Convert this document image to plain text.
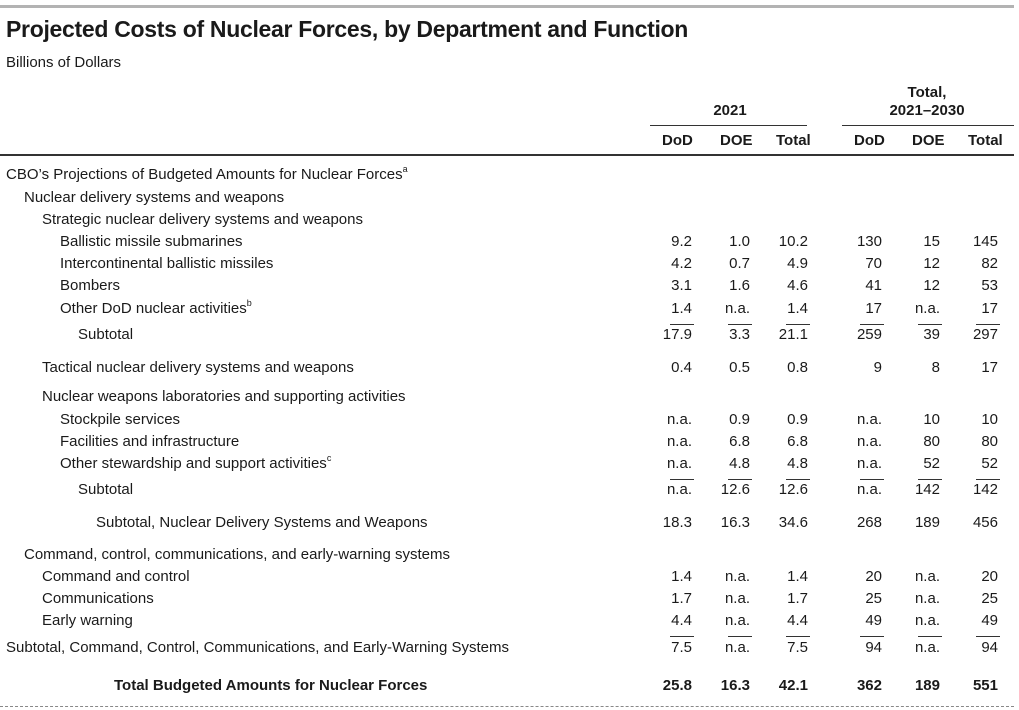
Projected Costs of Nuclear Forces, by Department and Function
Billions of Dollars
2021
Total,
2021–2030
DoD DOE Total	DoD DOE Total
CBO’s Projections of Budgeted Amounts for Nuclear Forces$^a$
Nuclear delivery systems and weapons
Strategic nuclear delivery systems and weapons
Ballistic missile submarines	9.2	1.0	10.2	130	15	145
Intercontinental ballistic missiles	4.2	0.7	4.9	70	12	82
Bombers	3.1	1.6	4.6	41	12	53
Other DoD nuclear activities$^b$	1.4	n.a.	1.4	17	n.a.	17
Subtotal	17.9	3.3	21.1	259	39	297
Tactical nuclear delivery systems and weapons	0.4	0.5	0.8	9	8	17
Nuclear weapons laboratories and supporting activities
Stockpile services	n.a.	0.9	0.9	n.a.	10	10
Facilities and infrastructure	n.a.	6.8	6.8	n.a.	80	80
Other stewardship and support activities$^c$	n.a.	4.8	4.8	n.a.	52	52
Subtotal	n.a.	12.6	12.6	n.a.	142	142
Subtotal, Nuclear Delivery Systems and Weapons	18.3	16.3	34.6	268	189	456
Command, control, communications, and early-warning systems
Command and control	1.4	n.a.	1.4	20	n.a.	20
Communications	1.7	n.a.	1.7	25	n.a.	25
Early warning	4.4	n.a.	4.4	49	n.a.	49
Subtotal, Command, Control, Communications, and Early-Warning Systems	7.5	n.a.	7.5	94	n.a.	94
Total Budgeted Amounts for Nuclear Forces	25.8	16.3	42.1	362	189	551
